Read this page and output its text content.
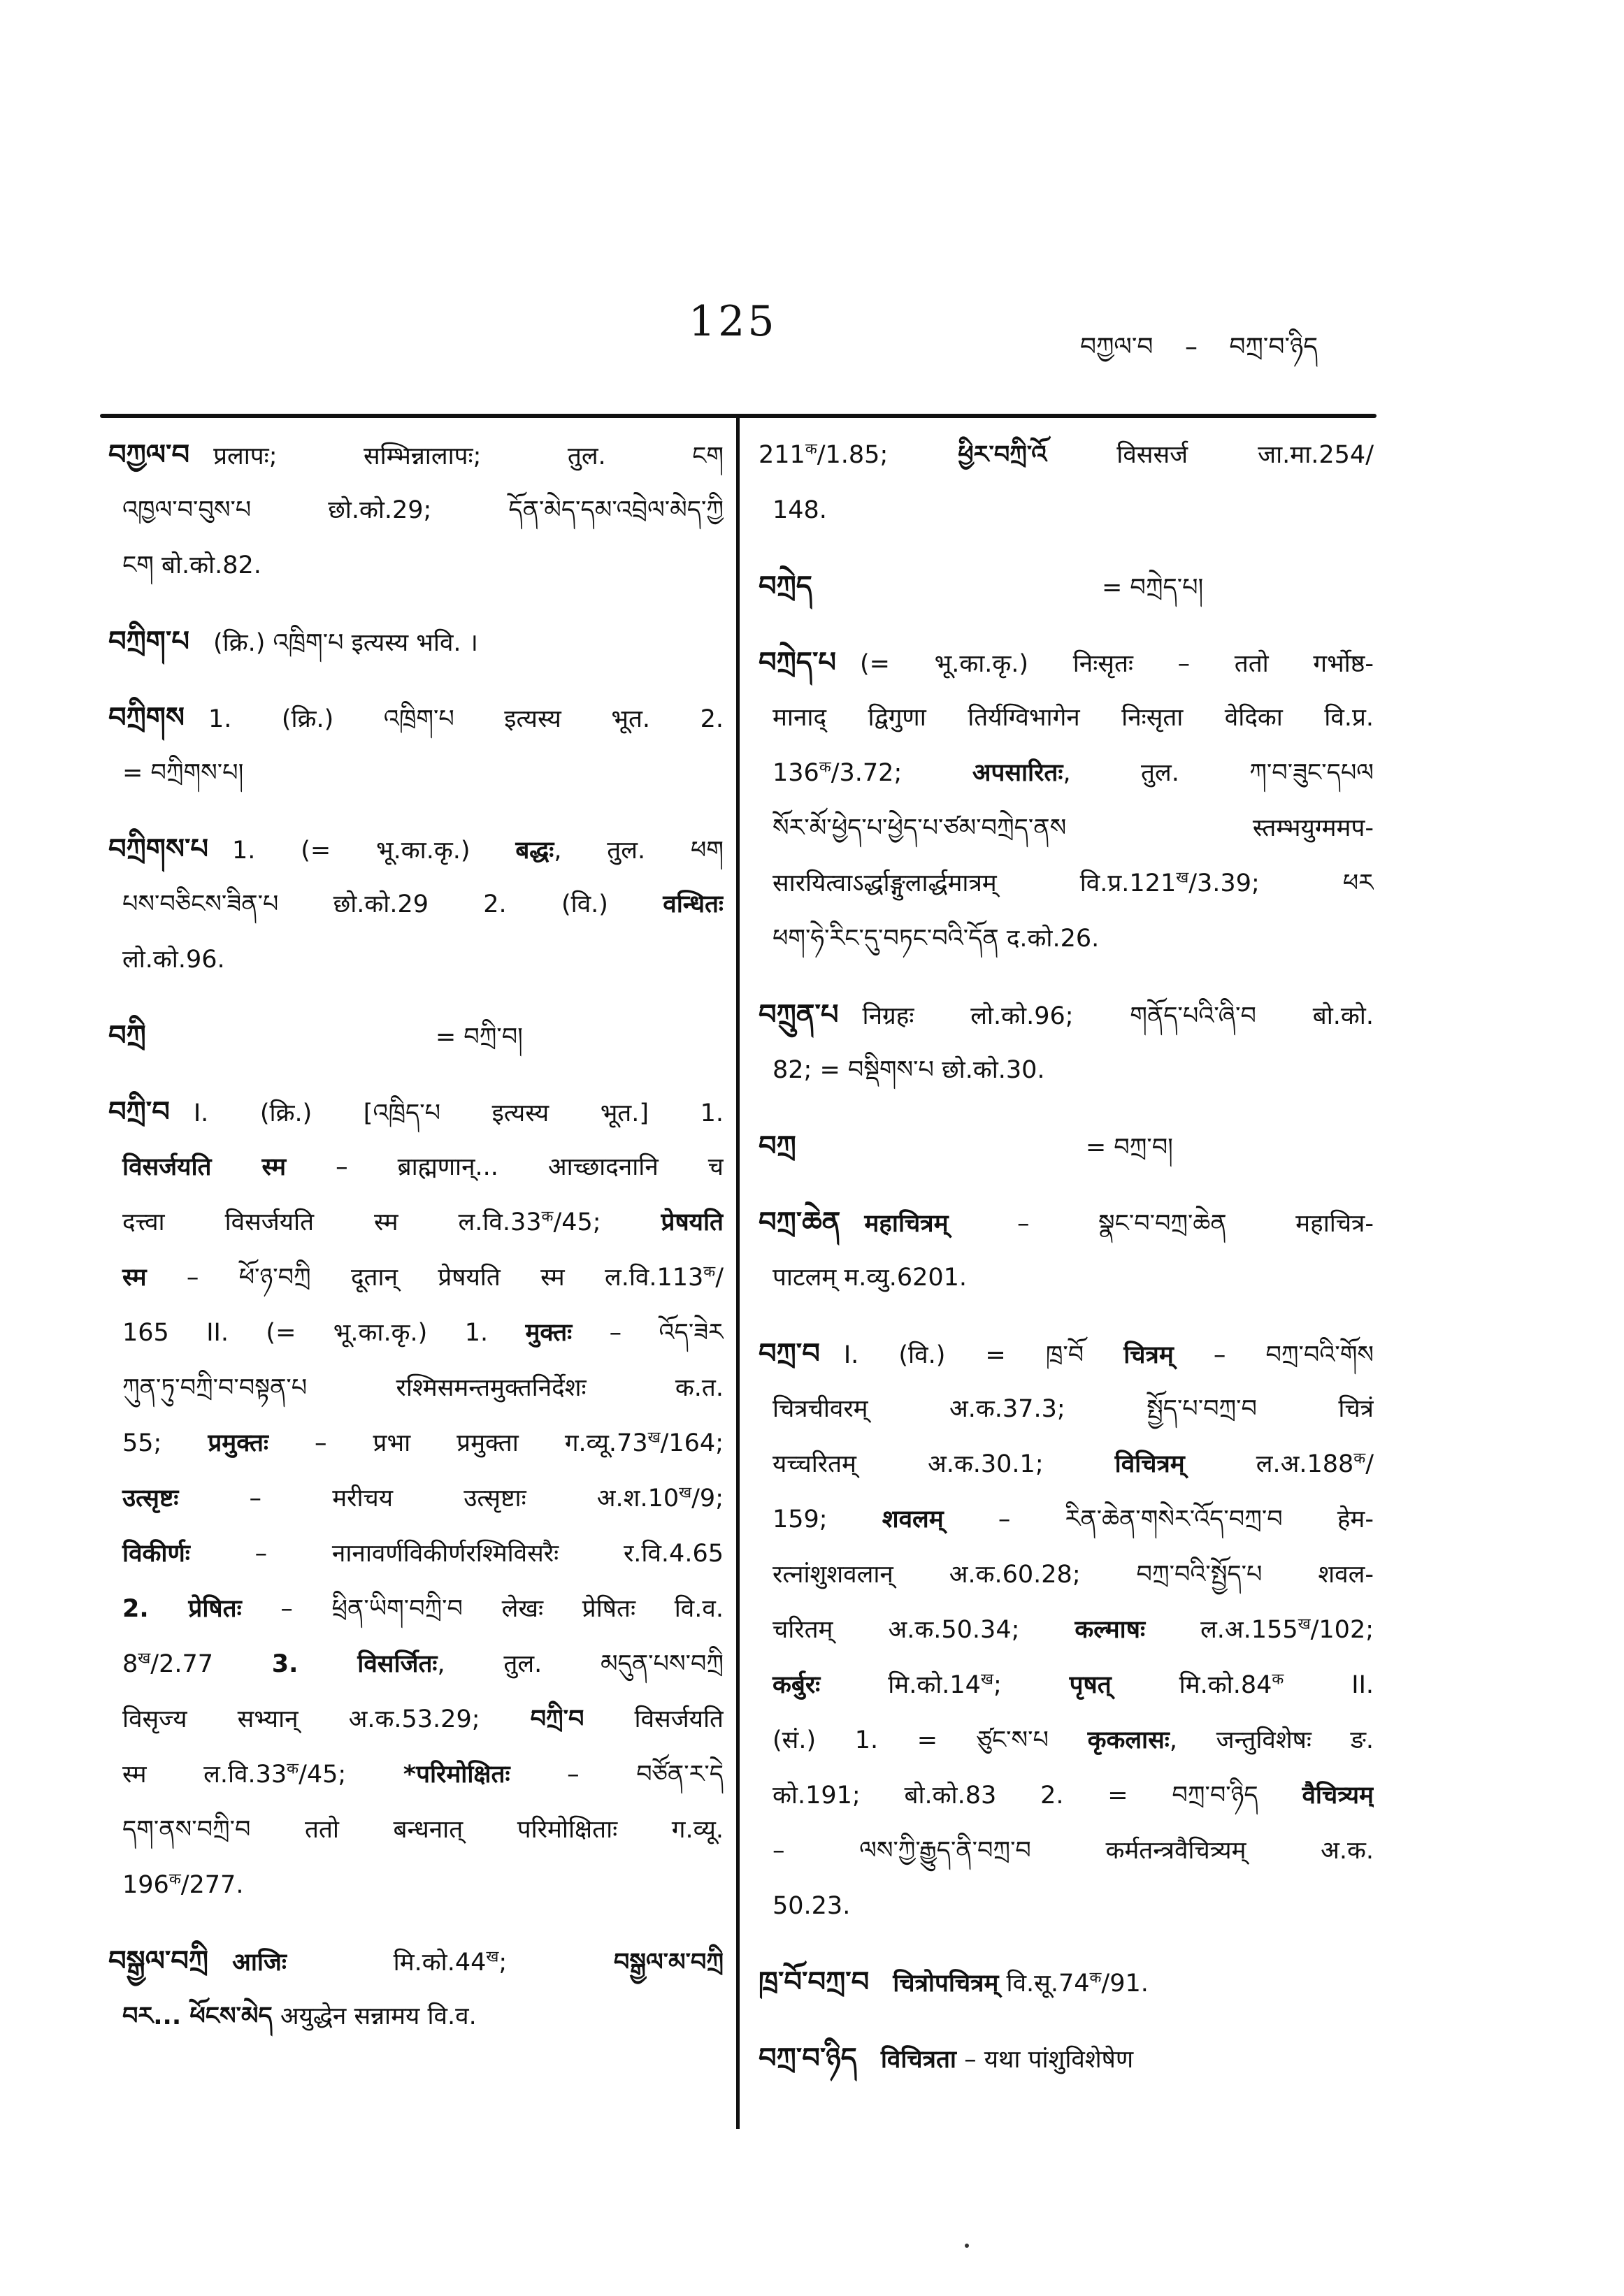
125
བཀྱལ་བ – བཀྲ་བ་ཉིད
བཀྱལ་བ प्रलापः; सम्भिन्नालापः; तुल. ངག
འཁྱལ་བ་བུས་པ छो.को.29; དོན་མེད་དམ་འབྲེལ་མེད་ཀྱི
ངག बो.को.82.
བཀྲིག་པ (क्रि.) འཁྲིག་པ इत्यस्य भवि. ।
བཀྲིགས 1. (क्रि.) འཁྲིག་པ इत्यस्य भूत. 2.
= བཀྲིགས་པ།
བཀྲིགས་པ 1. (= भू.का.कृ.) बद्धः, तुल. ཕག
པས་བཅིངས་ཟིན་པ छो.को.29 2. (वि.) वन्धितः
लो.को.96.
བཀྲི	= བཀྲི་བ།
བཀྲི་བ I. (क्रि.) [འཁྲིད་པ इत्यस्य भूत.] 1.
विसर्जयति स्म – ब्राह्मणान्... आच्छादनानि च
दत्त्वा विसर्जयति स्म $ल.वि.33^क/45$; प्रेषयति
स्म – ཕོ་ཉ་བཀྲི दूतान् प्रेषयति स्म $ल.वि.113^क/$
165 II. (= भू.का.कृ.) 1. मुक्तः – འོད་ཟེར
ཀུན་ཏུ་བཀྲི་བ་བསྟན་པ रश्मिसमन्तमुक्तनिर्देशः क.त.
55; प्रमुक्तः – प्रभा प्रमुक्ता $ग.व्यू.73^ख/164$;
उत्सृष्टः – मरीचय उत्सृष्टाः $अ.श.10^ख/9$;
विकीर्णः – नानावर्णविकीर्णरश्मिविसरैः र.वि.4.65
2. प्रेषितः – ཕྲིན་ཡིག་བཀྲི་བ लेखः प्रेषितः वि.व.
$8^ख/2.77$ 3. विसर्जितः, तुल. མདུན་པས་བཀྲི
विसृज्य सभ्यान् अ.क.53.29; བཀྲི་བ विसर्जयति
स्म $ल.वि.33^क/45$; *परिमोक्षितः – བཙོན་ར་དེ
དག་ནས་བཀྲི་བ ततो बन्धनात् परिमोक्षिताः ग.व्यू.
$196^क/277$.
བསྒྱལ་བཀྲི आजिः $मि.को.44^ख$; བསྒྱལ་མ་བཀྲི
བར... ཕོངས་མེད अयुद्धेन सन्नामय वि.व.
$211^क/1.85$; ཕྱིར་བཀྲི་འོ विससर्ज जा.मा.254/
148.
བཀྲེད	= བཀྲེད་པ།
བཀྲེད་པ (= भू.का.कृ.) निःसृतः – ततो गर्भोष्ठ-
मानाद् द्विगुणा तिर्यग्विभागेन निःसृता वेदिका वि.प्र.
$136^क/3.72$; अपसारितः, तुल. ཀ་བ་ཟུང་དཔལ
སོར་མོ་ཕྱེད་པ་ཕྱེད་པ་ཙམ་བཀྲེད་ནས स्तम्भयुग्ममप-
सारयित्वाऽर्द्धाङ्गुलार्द्धमात्रम् $वि.प्र.121^ख/3.39$; ཕར
ཕག་ཧེ་རིང་དུ་བཏང་བའི་དོན द.को.26.
བཀྲུན་པ निग्रहः लो.को.96; གནོད་པའི་ཞི་བ बो.को.
82; = བསྡིགས་པ छो.को.30.
བཀྲ	= བཀྲ་བ།
བཀྲ་ཆེན महाचित्रम् – སྣང་བ་བཀྲ་ཆེན महाचित्र-
पाटलम् म.व्यु.6201.
བཀྲ་བ I. (वि.) = ཁྲ་བོ चित्रम् – བཀྲ་བའི་གོས
चित्रचीवरम् अ.क.37.3; སྤྱོད་པ་བཀྲ་བ चित्रं
यच्चरितम् अ.क.30.1; विचित्रम् $ल.अ.188^क/$
159; शवलम् – རིན་ཆེན་གསེར་འོད་བཀྲ་བ हेम-
रत्नांशुशवलान् अ.क.60.28; བཀྲ་བའི་སྤྱོད་པ शवल-
चरितम् अ.क.50.34; कल्माषः $ल.अ.155^ख/102$;
कर्बुरः $मि.को.14^ख$; पृषत् $मि.को.84^क$ II.
(सं.) 1. = ཙུང་ས་པ कृकलासः, जन्तुविशेषः ङ.
को.191; बो.को.83 2. = བཀྲ་བ་ཉིད वैचित्र्यम्
– ལས་ཀྱི་རྒྱུད་ནི་བཀྲ་བ कर्मतन्त्रवैचित्र्यम् अ.क.
50.23.
ཁྲ་བོ་བཀྲ་བ चित्रोपचित्रम् $वि.सू.74^क/91$.
བཀྲ་བ་ཉིད विचित्रता – यथा पांशुविशेषेण
